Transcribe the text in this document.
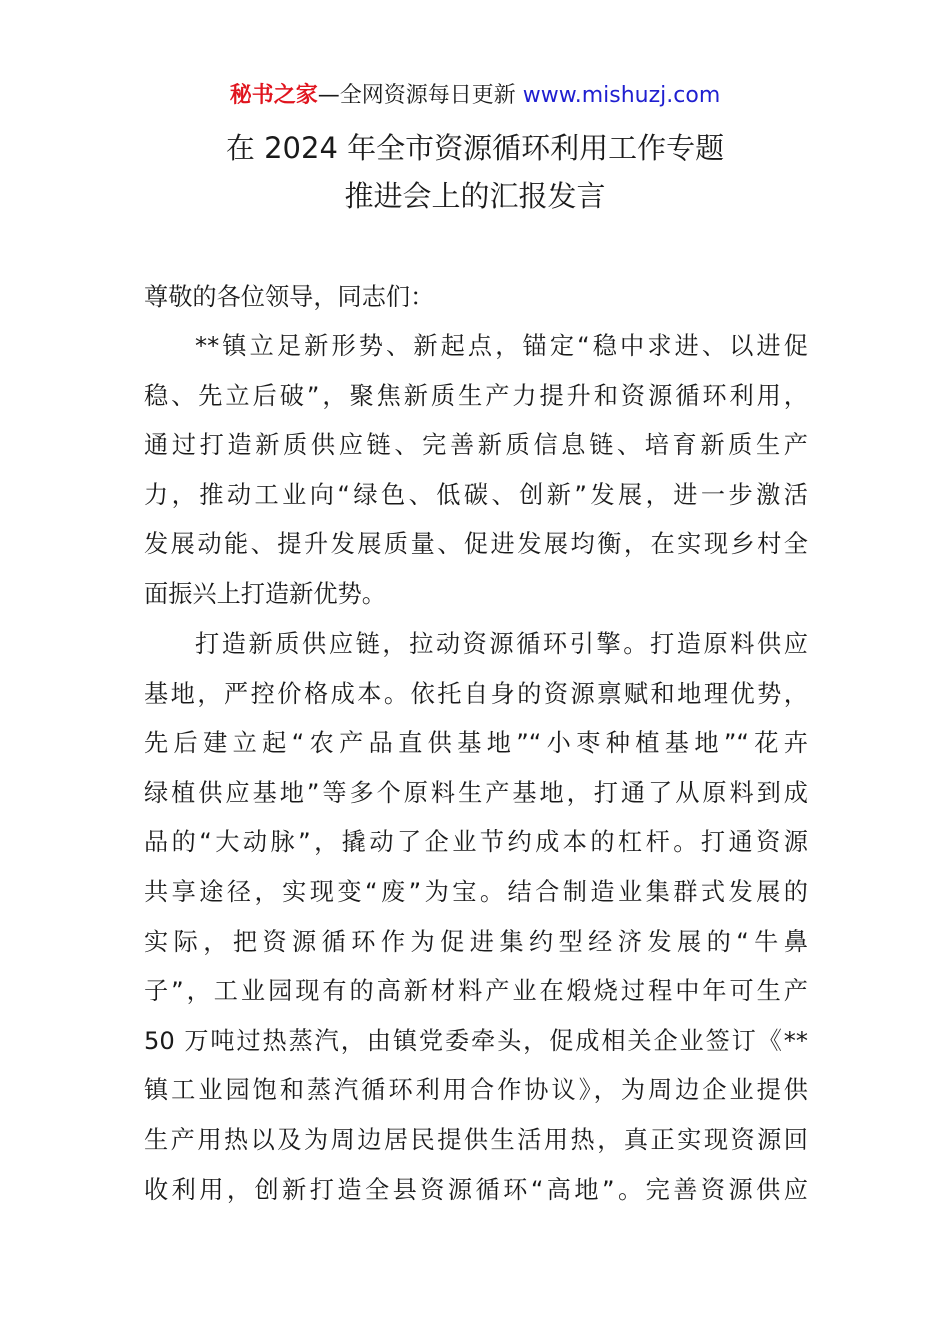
秘书之家—全网资源每日更新 www.mishuzj.com
在 2024 年全市资源循环利用工作专题
推进会上的汇报发言
尊敬的各位领导，同志们：
**镇立足新形势、新起点，锚定“稳中求进、以进促
稳、先立后破”，聚焦新质生产力提升和资源循环利用，
通过打造新质供应链、完善新质信息链、培育新质生产
力，推动工业向“绿色、低碳、创新”发展，进一步激活
发展动能、提升发展质量、促进发展均衡，在实现乡村全
面振兴上打造新优势。
打造新质供应链，拉动资源循环引擎。打造原料供应
基地，严控价格成本。依托自身的资源禀赋和地理优势，
先后建立起“农产品直供基地”“小枣种植基地”“花卉
绿植供应基地”等多个原料生产基地，打通了从原料到成
品的“大动脉”，撬动了企业节约成本的杠杆。打通资源
共享途径，实现变“废”为宝。结合制造业集群式发展的
实际，把资源循环作为促进集约型经济发展的“牛鼻
子”，工业园现有的高新材料产业在煅烧过程中年可生产
50 万吨过热蒸汽，由镇党委牵头，促成相关企业签订《**
镇工业园饱和蒸汽循环利用合作协议》，为周边企业提供
生产用热以及为周边居民提供生活用热，真正实现资源回
收利用，创新打造全县资源循环“高地”。完善资源供应
